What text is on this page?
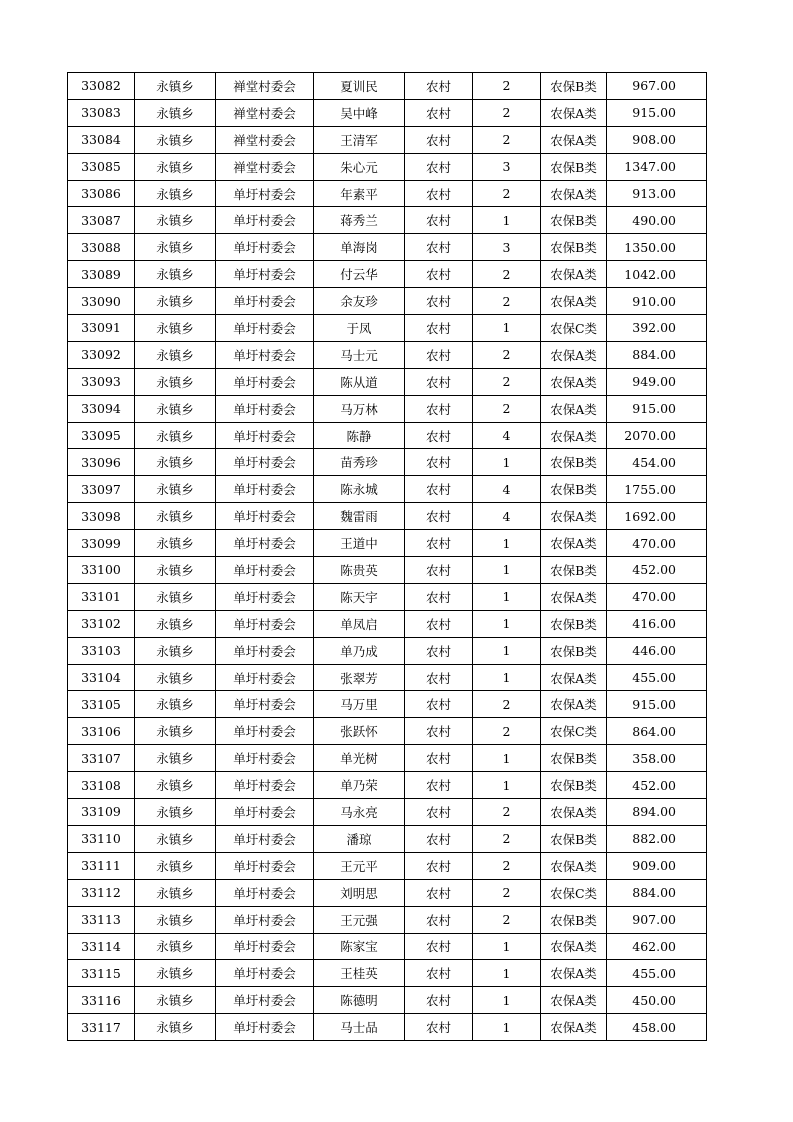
33082	永镇乡	禅堂村委会	夏训民	农村	2	农保B类	967.00
33083	永镇乡	禅堂村委会	吴中峰	农村	2	农保A类	915.00
33084	永镇乡	禅堂村委会	王清军	农村	2	农保A类	908.00
33085	永镇乡	禅堂村委会	朱心元	农村	3	农保B类	1347.00
33086	永镇乡	单圩村委会	年素平	农村	2	农保A类	913.00
33087	永镇乡	单圩村委会	蒋秀兰	农村	1	农保B类	490.00
33088	永镇乡	单圩村委会	单海岗	农村	3	农保B类	1350.00
33089	永镇乡	单圩村委会	付云华	农村	2	农保A类	1042.00
33090	永镇乡	单圩村委会	余友珍	农村	2	农保A类	910.00
33091	永镇乡	单圩村委会	于凤	农村	1	农保C类	392.00
33092	永镇乡	单圩村委会	马士元	农村	2	农保A类	884.00
33093	永镇乡	单圩村委会	陈从道	农村	2	农保A类	949.00
33094	永镇乡	单圩村委会	马万林	农村	2	农保A类	915.00
33095	永镇乡	单圩村委会	陈静	农村	4	农保A类	2070.00
33096	永镇乡	单圩村委会	苗秀珍	农村	1	农保B类	454.00
33097	永镇乡	单圩村委会	陈永城	农村	4	农保B类	1755.00
33098	永镇乡	单圩村委会	魏雷雨	农村	4	农保A类	1692.00
33099	永镇乡	单圩村委会	王道中	农村	1	农保A类	470.00
33100	永镇乡	单圩村委会	陈贵英	农村	1	农保B类	452.00
33101	永镇乡	单圩村委会	陈天宇	农村	1	农保A类	470.00
33102	永镇乡	单圩村委会	单凤启	农村	1	农保B类	416.00
33103	永镇乡	单圩村委会	单乃成	农村	1	农保B类	446.00
33104	永镇乡	单圩村委会	张翠芳	农村	1	农保A类	455.00
33105	永镇乡	单圩村委会	马万里	农村	2	农保A类	915.00
33106	永镇乡	单圩村委会	张跃怀	农村	2	农保C类	864.00
33107	永镇乡	单圩村委会	单光树	农村	1	农保B类	358.00
33108	永镇乡	单圩村委会	单乃荣	农村	1	农保B类	452.00
33109	永镇乡	单圩村委会	马永亮	农村	2	农保A类	894.00
33110	永镇乡	单圩村委会	潘琼	农村	2	农保B类	882.00
33111	永镇乡	单圩村委会	王元平	农村	2	农保A类	909.00
33112	永镇乡	单圩村委会	刘明思	农村	2	农保C类	884.00
33113	永镇乡	单圩村委会	王元强	农村	2	农保B类	907.00
33114	永镇乡	单圩村委会	陈家宝	农村	1	农保A类	462.00
33115	永镇乡	单圩村委会	王桂英	农村	1	农保A类	455.00
33116	永镇乡	单圩村委会	陈德明	农村	1	农保A类	450.00
33117	永镇乡	单圩村委会	马士品	农村	1	农保A类	458.00
